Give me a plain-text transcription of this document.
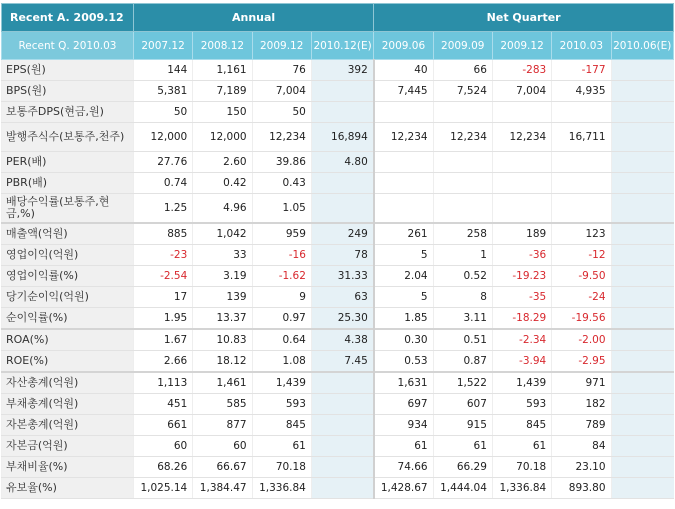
Recent A. 2009.12	Annual				Net Quarter				
Recent Q. 2010.03	2007.12	2008.12	2009.12	2010.12(E)	2009.06	2009.09	2009.12	2010.03	2010.06(E)
EPS(원)	144	1,161	76	392	40	66	-283	-177	
BPS(원)	5,381	7,189	7,004		7,445	7,524	7,004	4,935	
보통주DPS(현금,원)	50	150	50						
발행주식수(보통주,천주)	12,000	12,000	12,234	16,894	12,234	12,234	12,234	16,711	
PER(배)	27.76	2.60	39.86	4.80					
PBR(배)	0.74	0.42	0.43						
배당수익률(보통주,현금,%)	1.25	4.96	1.05						
매출액(억원)	885	1,042	959	249	261	258	189	123	
영업이익(억원)	-23	33	-16	78	5	1	-36	-12	
영업이익률(%)	-2.54	3.19	-1.62	31.33	2.04	0.52	-19.23	-9.50	
당기순이익(억원)	17	139	9	63	5	8	-35	-24	
순이익률(%)	1.95	13.37	0.97	25.30	1.85	3.11	-18.29	-19.56	
ROA(%)	1.67	10.83	0.64	4.38	0.30	0.51	-2.34	-2.00	
ROE(%)	2.66	18.12	1.08	7.45	0.53	0.87	-3.94	-2.95	
자산총계(억원)	1,113	1,461	1,439		1,631	1,522	1,439	971	
부채총계(억원)	451	585	593		697	607	593	182	
자본총계(억원)	661	877	845		934	915	845	789	
자본금(억원)	60	60	61		61	61	61	84	
부채비율(%)	68.26	66.67	70.18		74.66	66.29	70.18	23.10	
유보율(%)	1,025.14	1,384.47	1,336.84		1,428.67	1,444.04	1,336.84	893.80	
